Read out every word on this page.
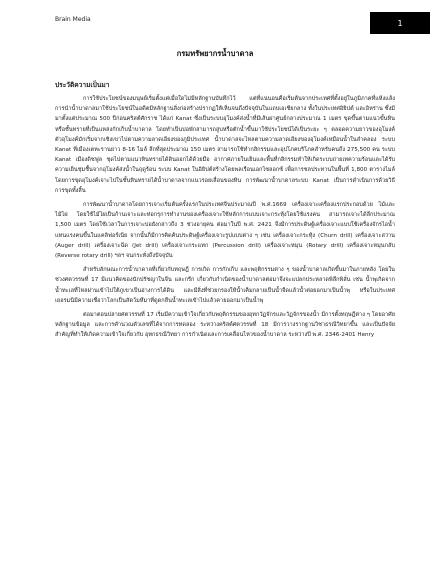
Brain Media	1
กรมทรัพยากรน้ำบาดาล
ประวัติความเป็นมา

การใช้ประโยชน์ของมนุษย์เริ่มตั้งแต่เมื่อใดไม่มีหลักฐานบันทึกไว้ แต่ที่แน่นอนคือเริ่มต้นจากประเทศที่ตั้งอยู่ในภูมิภาคที่แห้งแล้ง การนำน้ำบาดาลมาใช้ประโยชน์ในอดีตมีหลักฐานสิ่งก่อสร้างปรากฏให้เห็นจนถึงปัจจุบันในแถบเอเชียกลาง ทั้งในประเทศอิยิปต์ และอิหร่าน ซึ่งมีมาตั้งแต่ประมาณ 500 ปีก่อนคริสต์ศักราช ได้แก่ Kanat ซึ่งเป็นระบบอุโมงค์ส่งน้ำที่มีเส้นผ่าศูนย์กลางประมาณ 1 เมตร ขุดขึ้นตามแนวขั้นหินหรือชั้นทรายที่เป็นแหล่งกักเก็บน้ำบาดาล โดยทำเป็นบ่อพักสามารถสูบหรือตักน้ำขึ้นมาใช้ประโยชน์ได้เป็นระยะ ๆ ตลอดความยาวของอุโมงค์ ตัวอุโมงค์มักเริ่มจากเชิงเขาไปตามความลาดเอียงของภูมิประเทศ น้ำบาดาลจะไหลตามความลาดเอียงของอุโมงค์เหมือนน้ำในลำคลอง ระบบ Kanat ที่เมืองเตหะรานยาว 8-16 ไมล์ ลึกที่สุดประมาณ 150 เมตร สามารถใช้ทำกสิกรรมและอุปโภคบริโภคสำหรับคนถึง 275,500 คน ระบบ Kanat เมืองดิชฟูล ชุดไปตามแนวหินทรายได้ดินออกได้ด้วยมือ อากาศภายในเย็นและพื้นที่กสิกรรมทำให้เกิดระบบถ่ายเทความร้อนและได้รับความเย็นชุ่มชื้นจากอุโมงค์ส่งน้ำในฤดูร้อน ระบบ Kanat ในอิยิปต์สร้างโดยพลเรือนเอกไซลอกซ์ เพื่อการชลประทานในพื้นที่ 1,800 ตารางไมล์ โดยการขุดอุโมงค์เจาะไปในชั้นหินทรายได้น้ำบาดาลจากแนวรอยเลื่อนของหิน การพัฒนาน้ำบาดาลระบบ Kanat เป็นการดำเนินการด้วยวิธีการขุดทั้งสิ้น

การพัฒนาน้ำบาดาลโดยการเจาะเริ่มต้นครั้งแรกในประเทศจีนประมาณปี พ.ศ.1669 เครื่องเจาะเครื่องแรกประกอบด้วย ไม้และไม้ไผ่ โดยใช้ไม้ไผ่เป็นก้านเจาะและท่อกรุการทำงานของเครื่องเจาะใช้หลักการแบบเจาะกระทุ้งโดยใช้แรงคน สามารถเจาะได้ลึกประมาณ 1,500 เมตร โดยใช้เวลาในการเจาะบ่อยังกล่าวถึง 3 ช่วงอายุคน ต่อมาในปี พ.ศ. 2421 จึงมีการประดิษฐ์เครื่องเจาะแบบใช้เครื่องจักรไอน้ำแทนแรงคนขึ้นในแคลิฟอร์เนีย จากนั้นก็มีการคิดค้นประดิษฐ์เครื่องเจาะรูปแบบต่าง ๆ เช่น เครื่องเจาะกระทุ้ง (Churn drill) เครื่องเจาะสว่าน (Auger drill) เครื่องเจาะฉีด (Jet drill) เครื่องเจาะกระแทก (Percussion drill) เครื่องเจาะหมุน (Rotary drill) เครื่องเจาะหมุนกลับ (Reverse rotary drill) ฯลฯ จนกระทั่งถึงปัจจุบัน

สำหรับลักษณะการน้ำบาดาลที่เกี่ยวกับทฤษฎี การเกิด การกักเก็บ และพฤติกรรมต่าง ๆ ของน้ำบาดาลเกิดขึ้นมาในภายหลัง โดยในช่วงศตวรรษที่ 17 มีแนวคิดของนักปรัชญาในจีน และกรีก เกี่ยวกับกำเนิดของน้ำบาดาลต่อมาจึงจะแปลกประหลาดพิลึกพิลั่น เช่น น้ำพุเกิดจากน้ำทะเลที่ไหลผ่านเข้าไปใต้ภูเขาเป็นอ่างการได้ดิน และมีสิ่งที่ช่วยกรองให้น้ำเค็มกลายเป็นน้ำจืดแล้วน้ำต่อยอกมาเป็นน้ำพุ หรือในประเทศเยอรมนีมีความเชื่อว่าโลกเป็นสัตว์มหึมาที่ดูดกลืนน้ำทะเลเข้าไปแล้วคายออกมาเป็นน้ำพุ

ต่อมาตอนปลายศตวรรษที่ 17 เริ่มมีความเข้าใจเกี่ยวกับพฤติกรรมของอุทกวัฏจักรและวัฏจักรของน้ำ มีการตั้งทฤษฎีต่าง ๆ โดยอาศัยหลักฐานข้อมูล และการคำนวณตัวเลขที่ได้จากการทดลอง ระหว่างคริสต์ศตวรรษที่ 18 มีการวางรากฐานวิชาธรณีวิทยาขึ้น และเป็นปัจจัยสำคัญที่ทำให้เกิดความเข้าใจเกี่ยวกับ อุทกธรณีวิทยา การกำเนิดและการเคลื่อนไหวของน้ำบาดาล ระหว่างปี พ.ศ. 2346-2401 Henry
